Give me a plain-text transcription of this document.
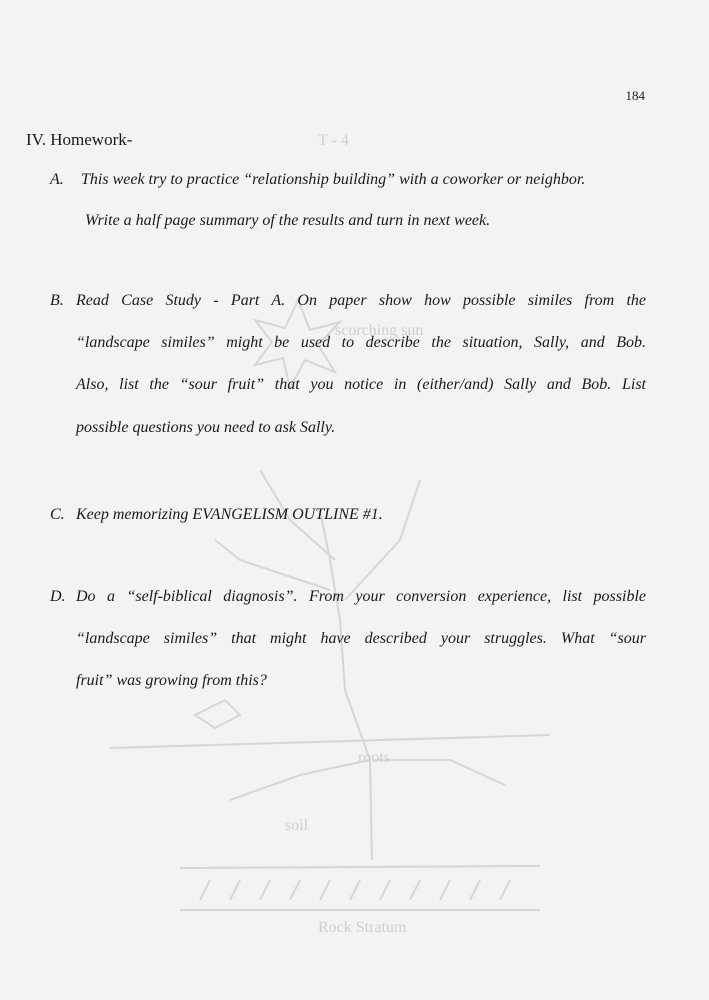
T - 4
scorching sun
roots
soil
Rock Stratum
184
IV. Homework-
A. This week try to practice “relationship building” with a coworker or neighbor.
Write a half page summary of the results and turn in next week.
B. Read Case Study - Part A. On paper show how possible similes from the
“landscape similes” might be used to describe the situation, Sally, and Bob.
Also, list the “sour fruit” that you notice in (either/and) Sally and Bob. List
possible questions you need to ask Sally.
C. Keep memorizing EVANGELISM OUTLINE #1.
D. Do a “self-biblical diagnosis”. From your conversion experience, list possible
“landscape similes” that might have described your struggles. What “sour
fruit” was growing from this?
